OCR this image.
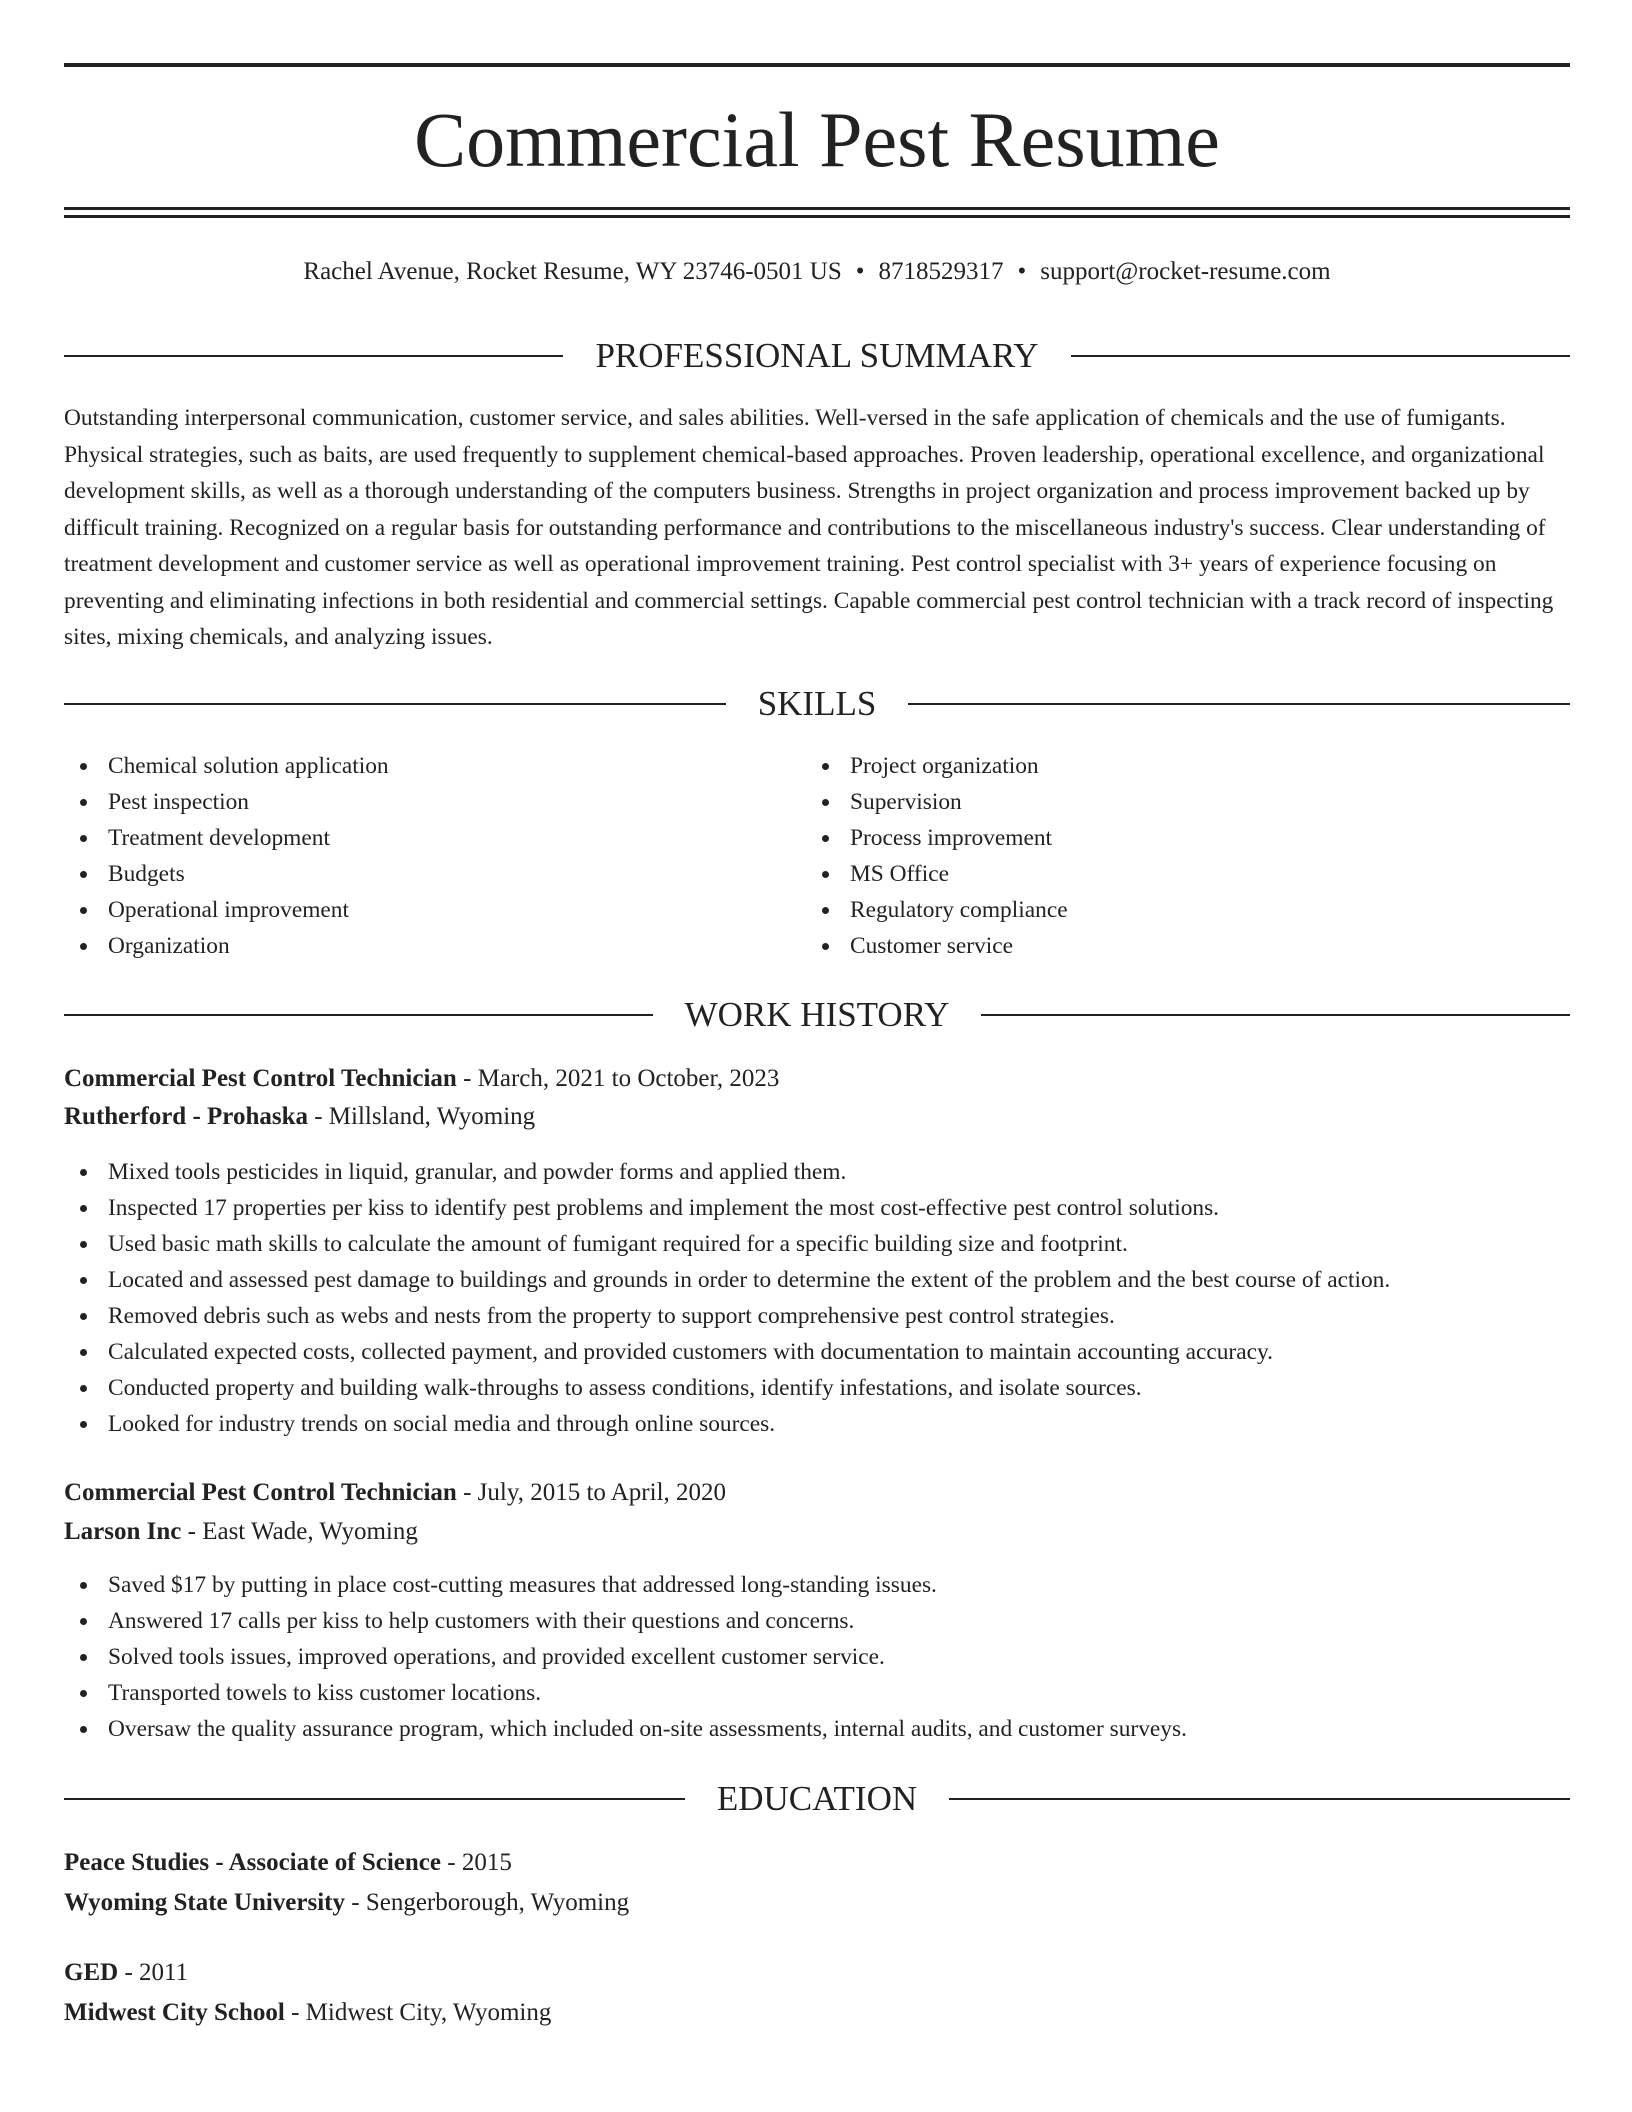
Commercial Pest Resume
Rachel Avenue, Rocket Resume, WY 23746-0501 US • 8718529317 • support@rocket-resume.com
PROFESSIONAL SUMMARY

Outstanding interpersonal communication, customer service, and sales abilities. Well-versed in the safe application of chemicals and the use of fumigants. Physical strategies, such as baits, are used frequently to supplement chemical-based approaches. Proven leadership, operational excellence, and organizational development skills, as well as a thorough understanding of the computers business. Strengths in project organization and process improvement backed up by difficult training. Recognized on a regular basis for outstanding performance and contributions to the miscellaneous industry's success. Clear understanding of treatment development and customer service as well as operational improvement training. Pest control specialist with 3+ years of experience focusing on preventing and eliminating infections in both residential and commercial settings. Capable commercial pest control technician with a track record of inspecting sites, mixing chemicals, and analyzing issues.

SKILLS
Chemical solution application
Pest inspection
Treatment development
Budgets
Operational improvement
Organization
Project organization
Supervision
Process improvement
MS Office
Regulatory compliance
Customer service
WORK HISTORY
Commercial Pest Control Technician - March, 2021 to October, 2023
Rutherford - Prohaska - Millsland, Wyoming
Mixed tools pesticides in liquid, granular, and powder forms and applied them.
Inspected 17 properties per kiss to identify pest problems and implement the most cost-effective pest control solutions.
Used basic math skills to calculate the amount of fumigant required for a specific building size and footprint.
Located and assessed pest damage to buildings and grounds in order to determine the extent of the problem and the best course of action.
Removed debris such as webs and nests from the property to support comprehensive pest control strategies.
Calculated expected costs, collected payment, and provided customers with documentation to maintain accounting accuracy.
Conducted property and building walk-throughs to assess conditions, identify infestations, and isolate sources.
Looked for industry trends on social media and through online sources.
Commercial Pest Control Technician - July, 2015 to April, 2020
Larson Inc - East Wade, Wyoming
Saved $17 by putting in place cost-cutting measures that addressed long-standing issues.
Answered 17 calls per kiss to help customers with their questions and concerns.
Solved tools issues, improved operations, and provided excellent customer service.
Transported towels to kiss customer locations.
Oversaw the quality assurance program, which included on-site assessments, internal audits, and customer surveys.
EDUCATION
Peace Studies - Associate of Science - 2015
Wyoming State University - Sengerborough, Wyoming
GED - 2011
Midwest City School - Midwest City, Wyoming
